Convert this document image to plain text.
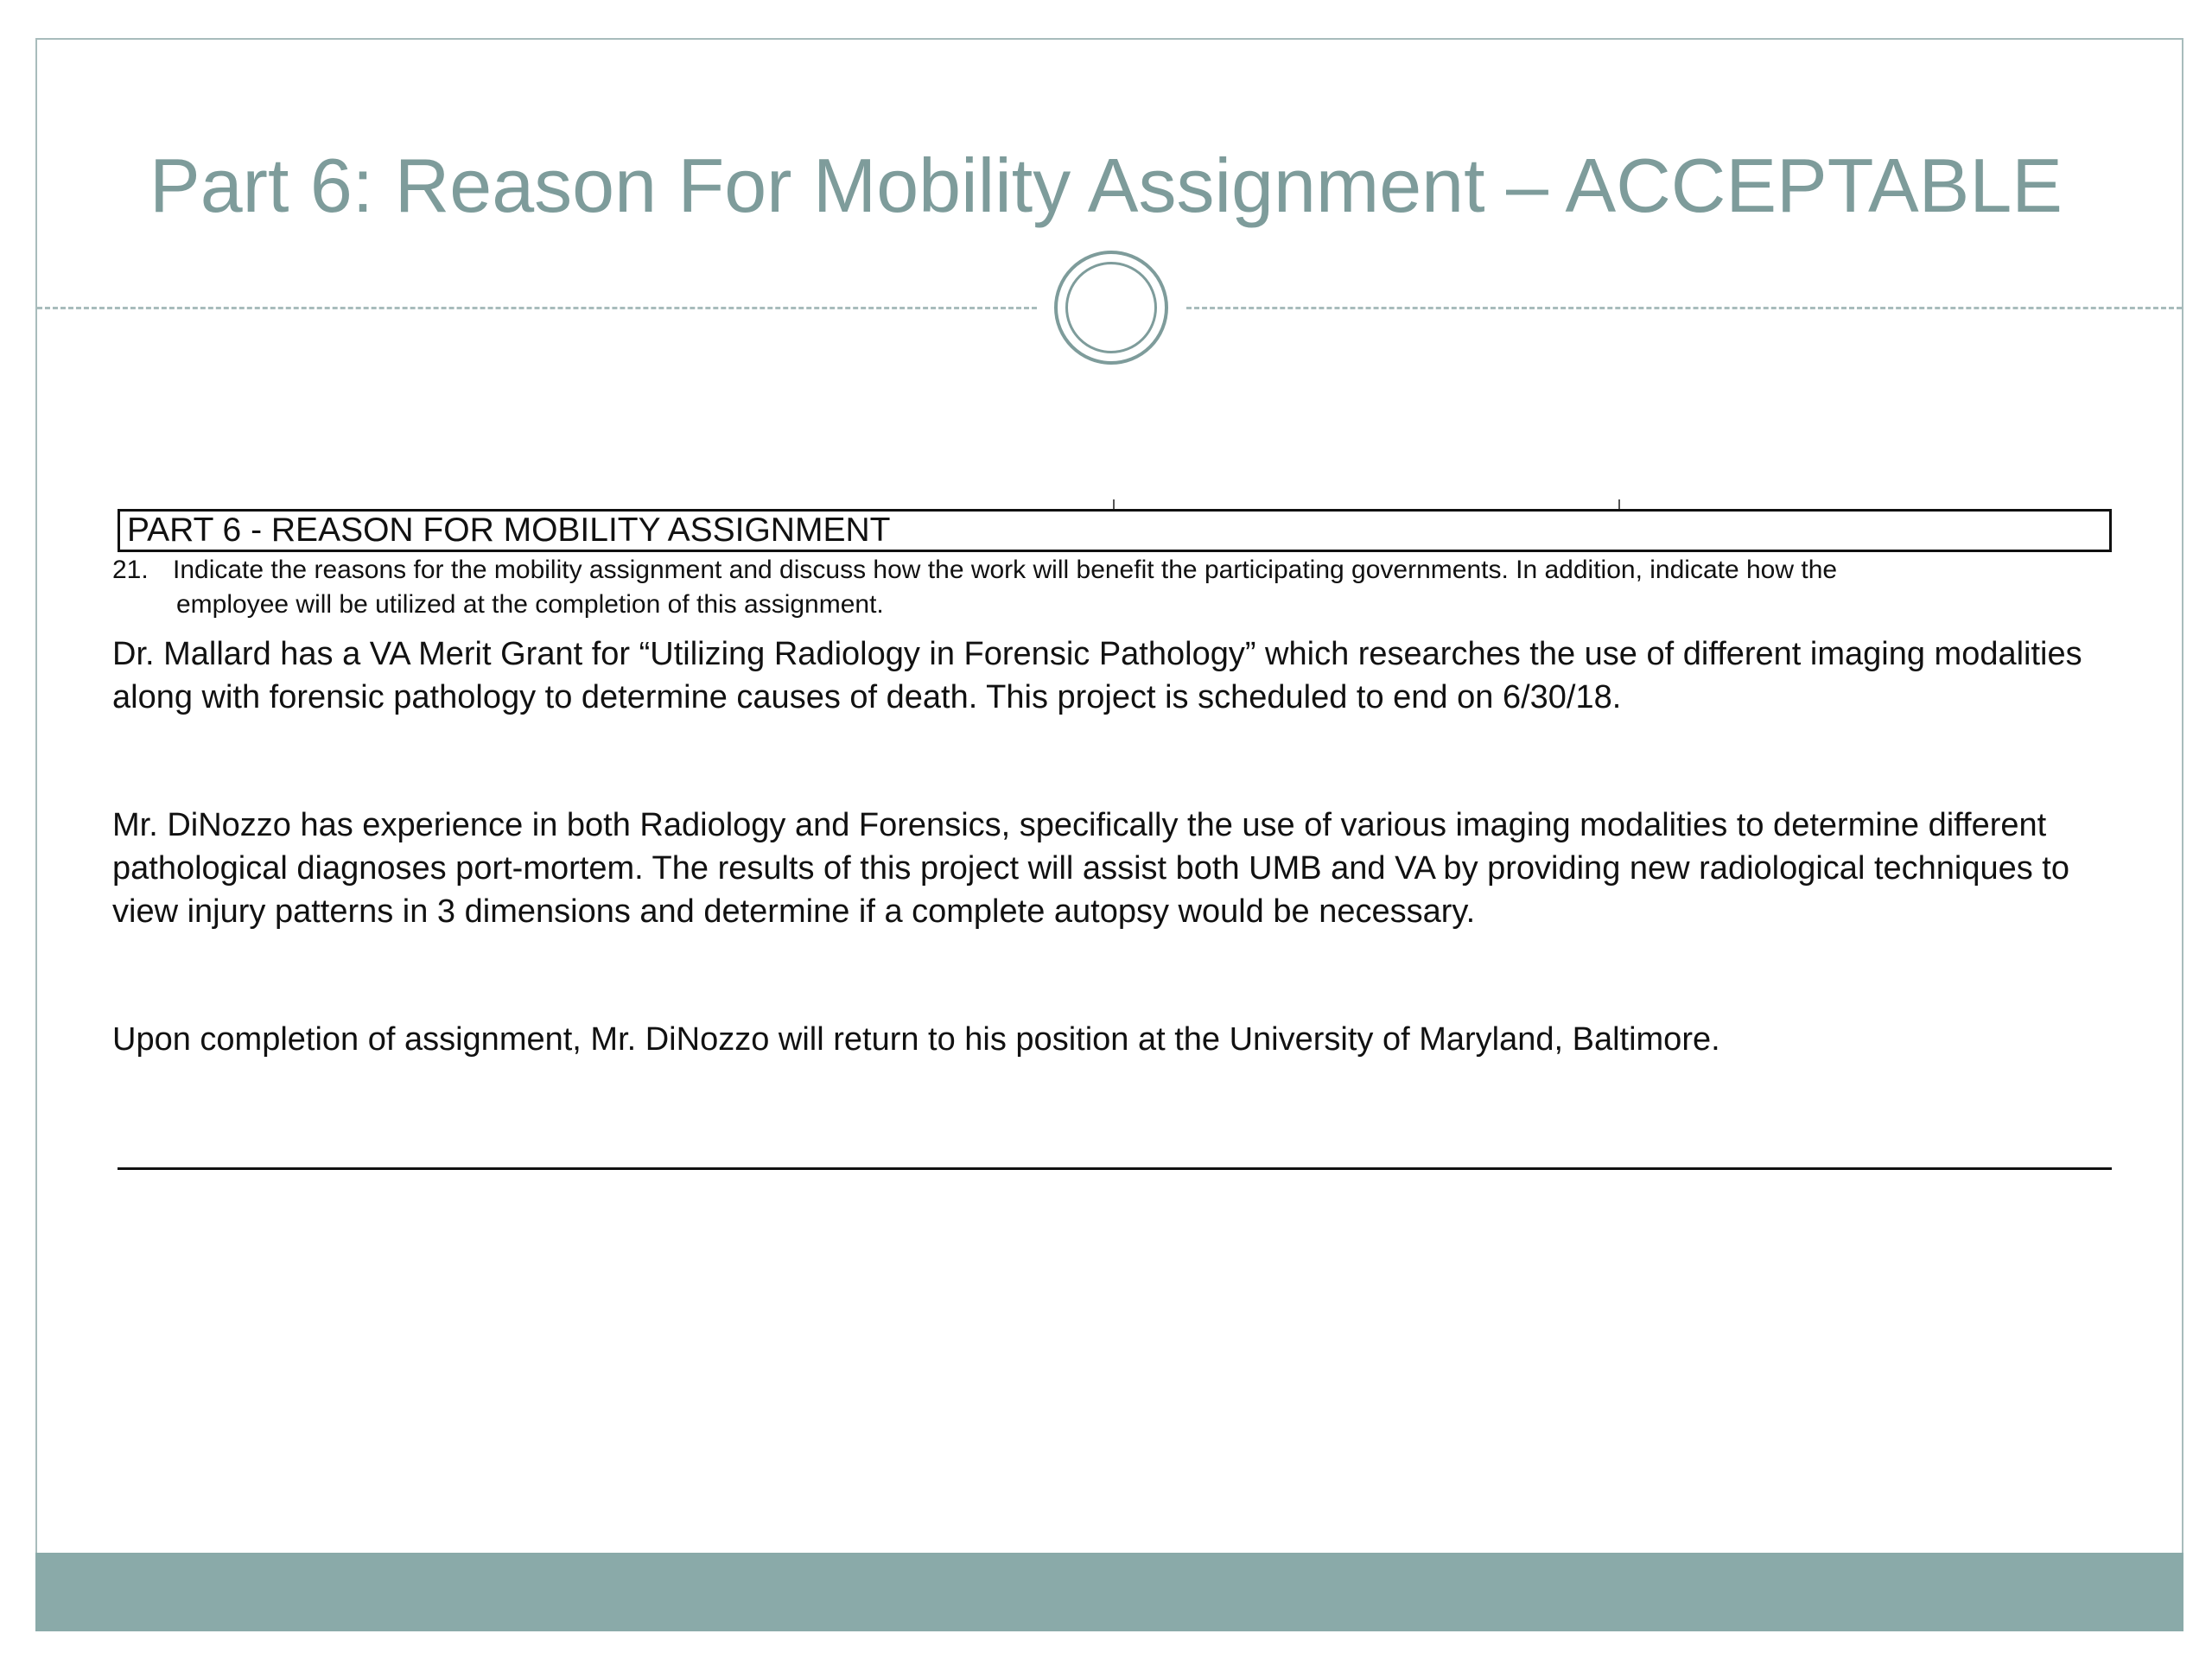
Part 6: Reason For Mobility Assignment – ACCEPTABLE
PART 6 - REASON FOR MOBILITY ASSIGNMENT
21. Indicate the reasons for the mobility assignment and discuss how the work will benefit the participating governments. In addition, indicate how the
employee will be utilized at the completion of this assignment.

Dr. Mallard has a VA Merit Grant for “Utilizing Radiology in Forensic Pathology” which researches the use of different imaging modalities along with forensic pathology to determine causes of death. This project is scheduled to end on 6/30/18.

Mr. DiNozzo has experience in both Radiology and Forensics, specifically the use of various imaging modalities to determine different pathological diagnoses port-mortem. The results of this project will assist both UMB and VA by providing new radiological techniques to view injury patterns in 3 dimensions and determine if a complete autopsy would be necessary.

Upon completion of assignment, Mr. DiNozzo will return to his position at the University of Maryland, Baltimore.
